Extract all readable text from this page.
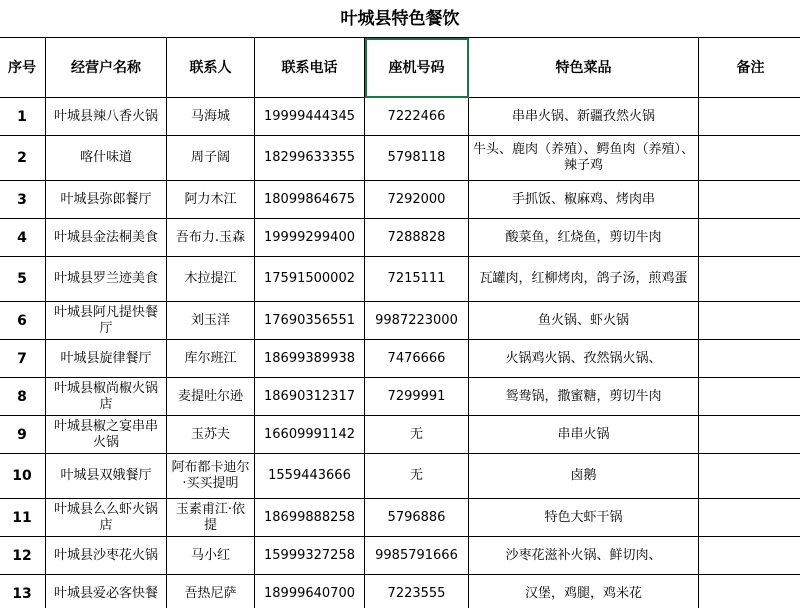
叶城县特色餐饮
序号	经营户名称	联系人	联系电话	座机号码	特色菜品	备注
1	叶城县辣八香火锅	马海城	19999444345	7222466	串串火锅、新疆孜然火锅	
2	喀什味道	周子阔	18299633355	5798118	牛头、鹿肉（养殖）、鳄鱼肉（养殖）、辣子鸡	
3	叶城县弥郎餐厅	阿力木江	18099864675	7292000	手抓饭、椒麻鸡、烤肉串	
4	叶城县金法桐美食	吾布力.玉森	19999299400	7288828	酸菜鱼，红烧鱼，剪切牛肉	
5	叶城县罗兰迹美食	木拉提江	17591500002	7215111	瓦罐肉，红柳烤肉，鸽子汤，煎鸡蛋	
6	叶城县阿凡提快餐厅	刘玉洋	17690356551	9987223000	鱼火锅、虾火锅	
7	叶城县旋律餐厅	库尔班江	18699389938	7476666	火锅鸡火锅、孜然锅火锅、	
8	叶城县椒尚椒火锅店	麦提吐尔逊	18690312317	7299991	鸳鸯锅，撒蜜糖，剪切牛肉	
9	叶城县椒之宴串串火锅	玉苏夫	16609991142	无	串串火锅	
10	叶城县双娥餐厅	阿布都卡迪尔·买买提明	1559443666	无	卤鹅	
11	叶城县么么虾火锅店	玉素甫江·依提	18699888258	5796886	特色大虾干锅	
12	叶城县沙枣花火锅	马小红	15999327258	9985791666	沙枣花滋补火锅、鲜切肉、	
13	叶城县爱必客快餐	吾热尼萨	18999640700	7223555	汉堡，鸡腿，鸡米花	
